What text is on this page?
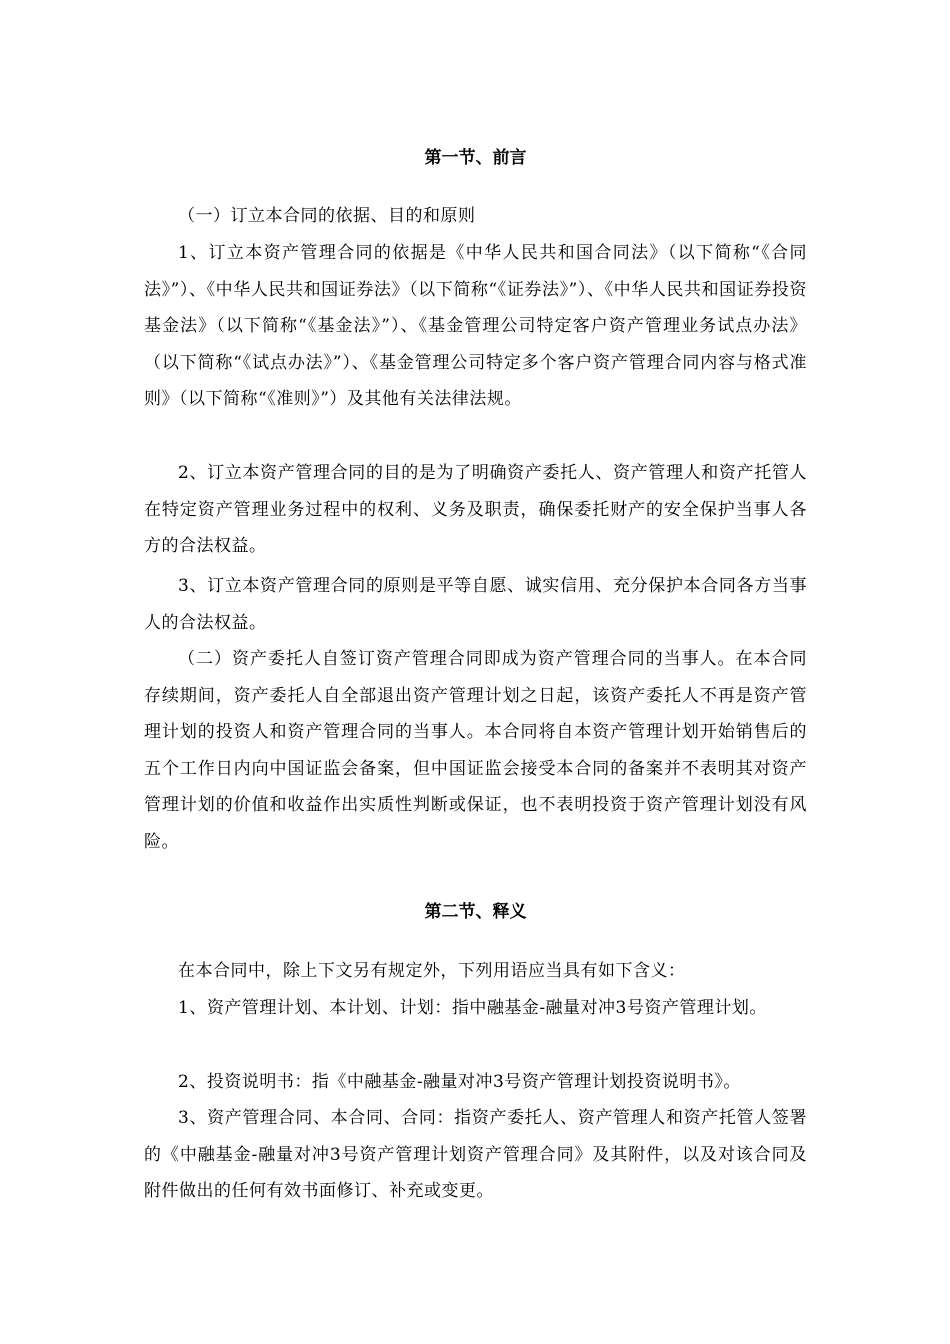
第一节、前言
（一）订立本合同的依据、目的和原则
1、订立本资产管理合同的依据是《中华人民共和国合同法》（以下简称“《合同法》”）、《中华人民共和国证券法》（以下简称“《证券法》”）、《中华人民共和国证券投资基金法》（以下简称“《基金法》”）、《基金管理公司特定客户资产管理业务试点办法》（以下简称“《试点办法》”）、《基金管理公司特定多个客户资产管理合同内容与格式准则》（以下简称“《准则》”）及其他有关法律法规。
2、订立本资产管理合同的目的是为了明确资产委托人、资产管理人和资产托管人在特定资产管理业务过程中的权利、义务及职责，确保委托财产的安全保护当事人各方的合法权益。
3、订立本资产管理合同的原则是平等自愿、诚实信用、充分保护本合同各方当事人的合法权益。
（二）资产委托人自签订资产管理合同即成为资产管理合同的当事人。在本合同存续期间，资产委托人自全部退出资产管理计划之日起，该资产委托人不再是资产管理计划的投资人和资产管理合同的当事人。本合同将自本资产管理计划开始销售后的五个工作日内向中国证监会备案，但中国证监会接受本合同的备案并不表明其对资产管理计划的价值和收益作出实质性判断或保证，也不表明投资于资产管理计划没有风险。
第二节、释义
在本合同中，除上下文另有规定外，下列用语应当具有如下含义：
1、资产管理计划、本计划、计划：指中融基金-融量对冲3号资产管理计划。
2、投资说明书：指《中融基金-融量对冲3号资产管理计划投资说明书》。
3、资产管理合同、本合同、合同：指资产委托人、资产管理人和资产托管人签署的《中融基金-融量对冲3号资产管理计划资产管理合同》及其附件，以及对该合同及附件做出的任何有效书面修订、补充或变更。
